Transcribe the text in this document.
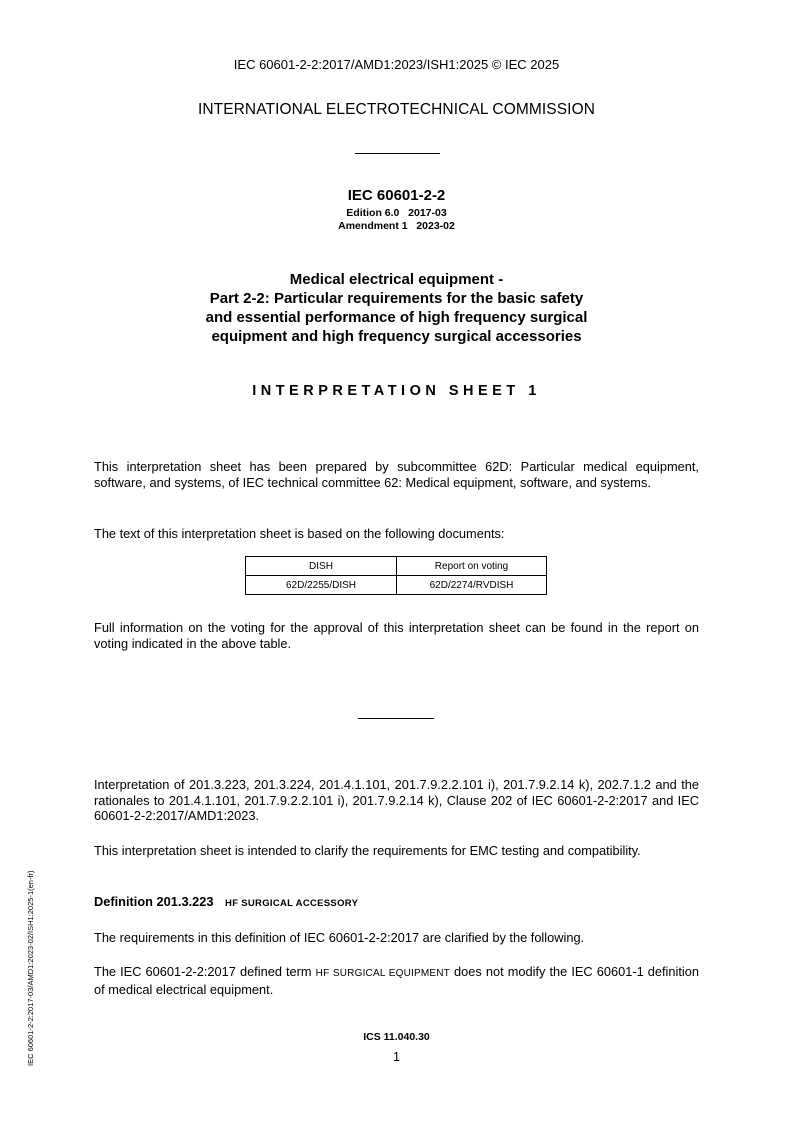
IEC 60601-2-2:2017/AMD1:2023/ISH1:2025 © IEC 2025
INTERNATIONAL ELECTROTECHNICAL COMMISSION
IEC 60601-2-2
Edition 6.0   2017-03
Amendment 1   2023-02
Medical electrical equipment -
Part 2-2: Particular requirements for the basic safety
and essential performance of high frequency surgical
equipment and high frequency surgical accessories
INTERPRETATION SHEET 1
This interpretation sheet has been prepared by subcommittee 62D: Particular medical equipment, software, and systems, of IEC technical committee 62: Medical equipment, software, and systems.
The text of this interpretation sheet is based on the following documents:
DISH	Report on voting
62D/2255/DISH	62D/2274/RVDISH
Full information on the voting for the approval of this interpretation sheet can be found in the report on voting indicated in the above table.
Interpretation of 201.3.223, 201.3.224, 201.4.1.101, 201.7.9.2.2.101 i), 201.7.9.2.14 k), 202.7.1.2 and the rationales to 201.4.1.101, 201.7.9.2.2.101 i), 201.7.9.2.14 k), Clause 202 of IEC 60601-2-2:2017 and IEC 60601-2-2:2017/AMD1:2023.
This interpretation sheet is intended to clarify the requirements for EMC testing and compatibility.
Definition 201.3.223 HF SURGICAL ACCESSORY
The requirements in this definition of IEC 60601-2-2:2017 are clarified by the following.
The IEC 60601-2-2:2017 defined term HF SURGICAL EQUIPMENT does not modify the IEC 60601-1 definition of medical electrical equipment.
ICS 11.040.30
1
IEC 60601-2-2:2017-03/AMD1:2023-02/ISH1:2025-1(en-fr)
